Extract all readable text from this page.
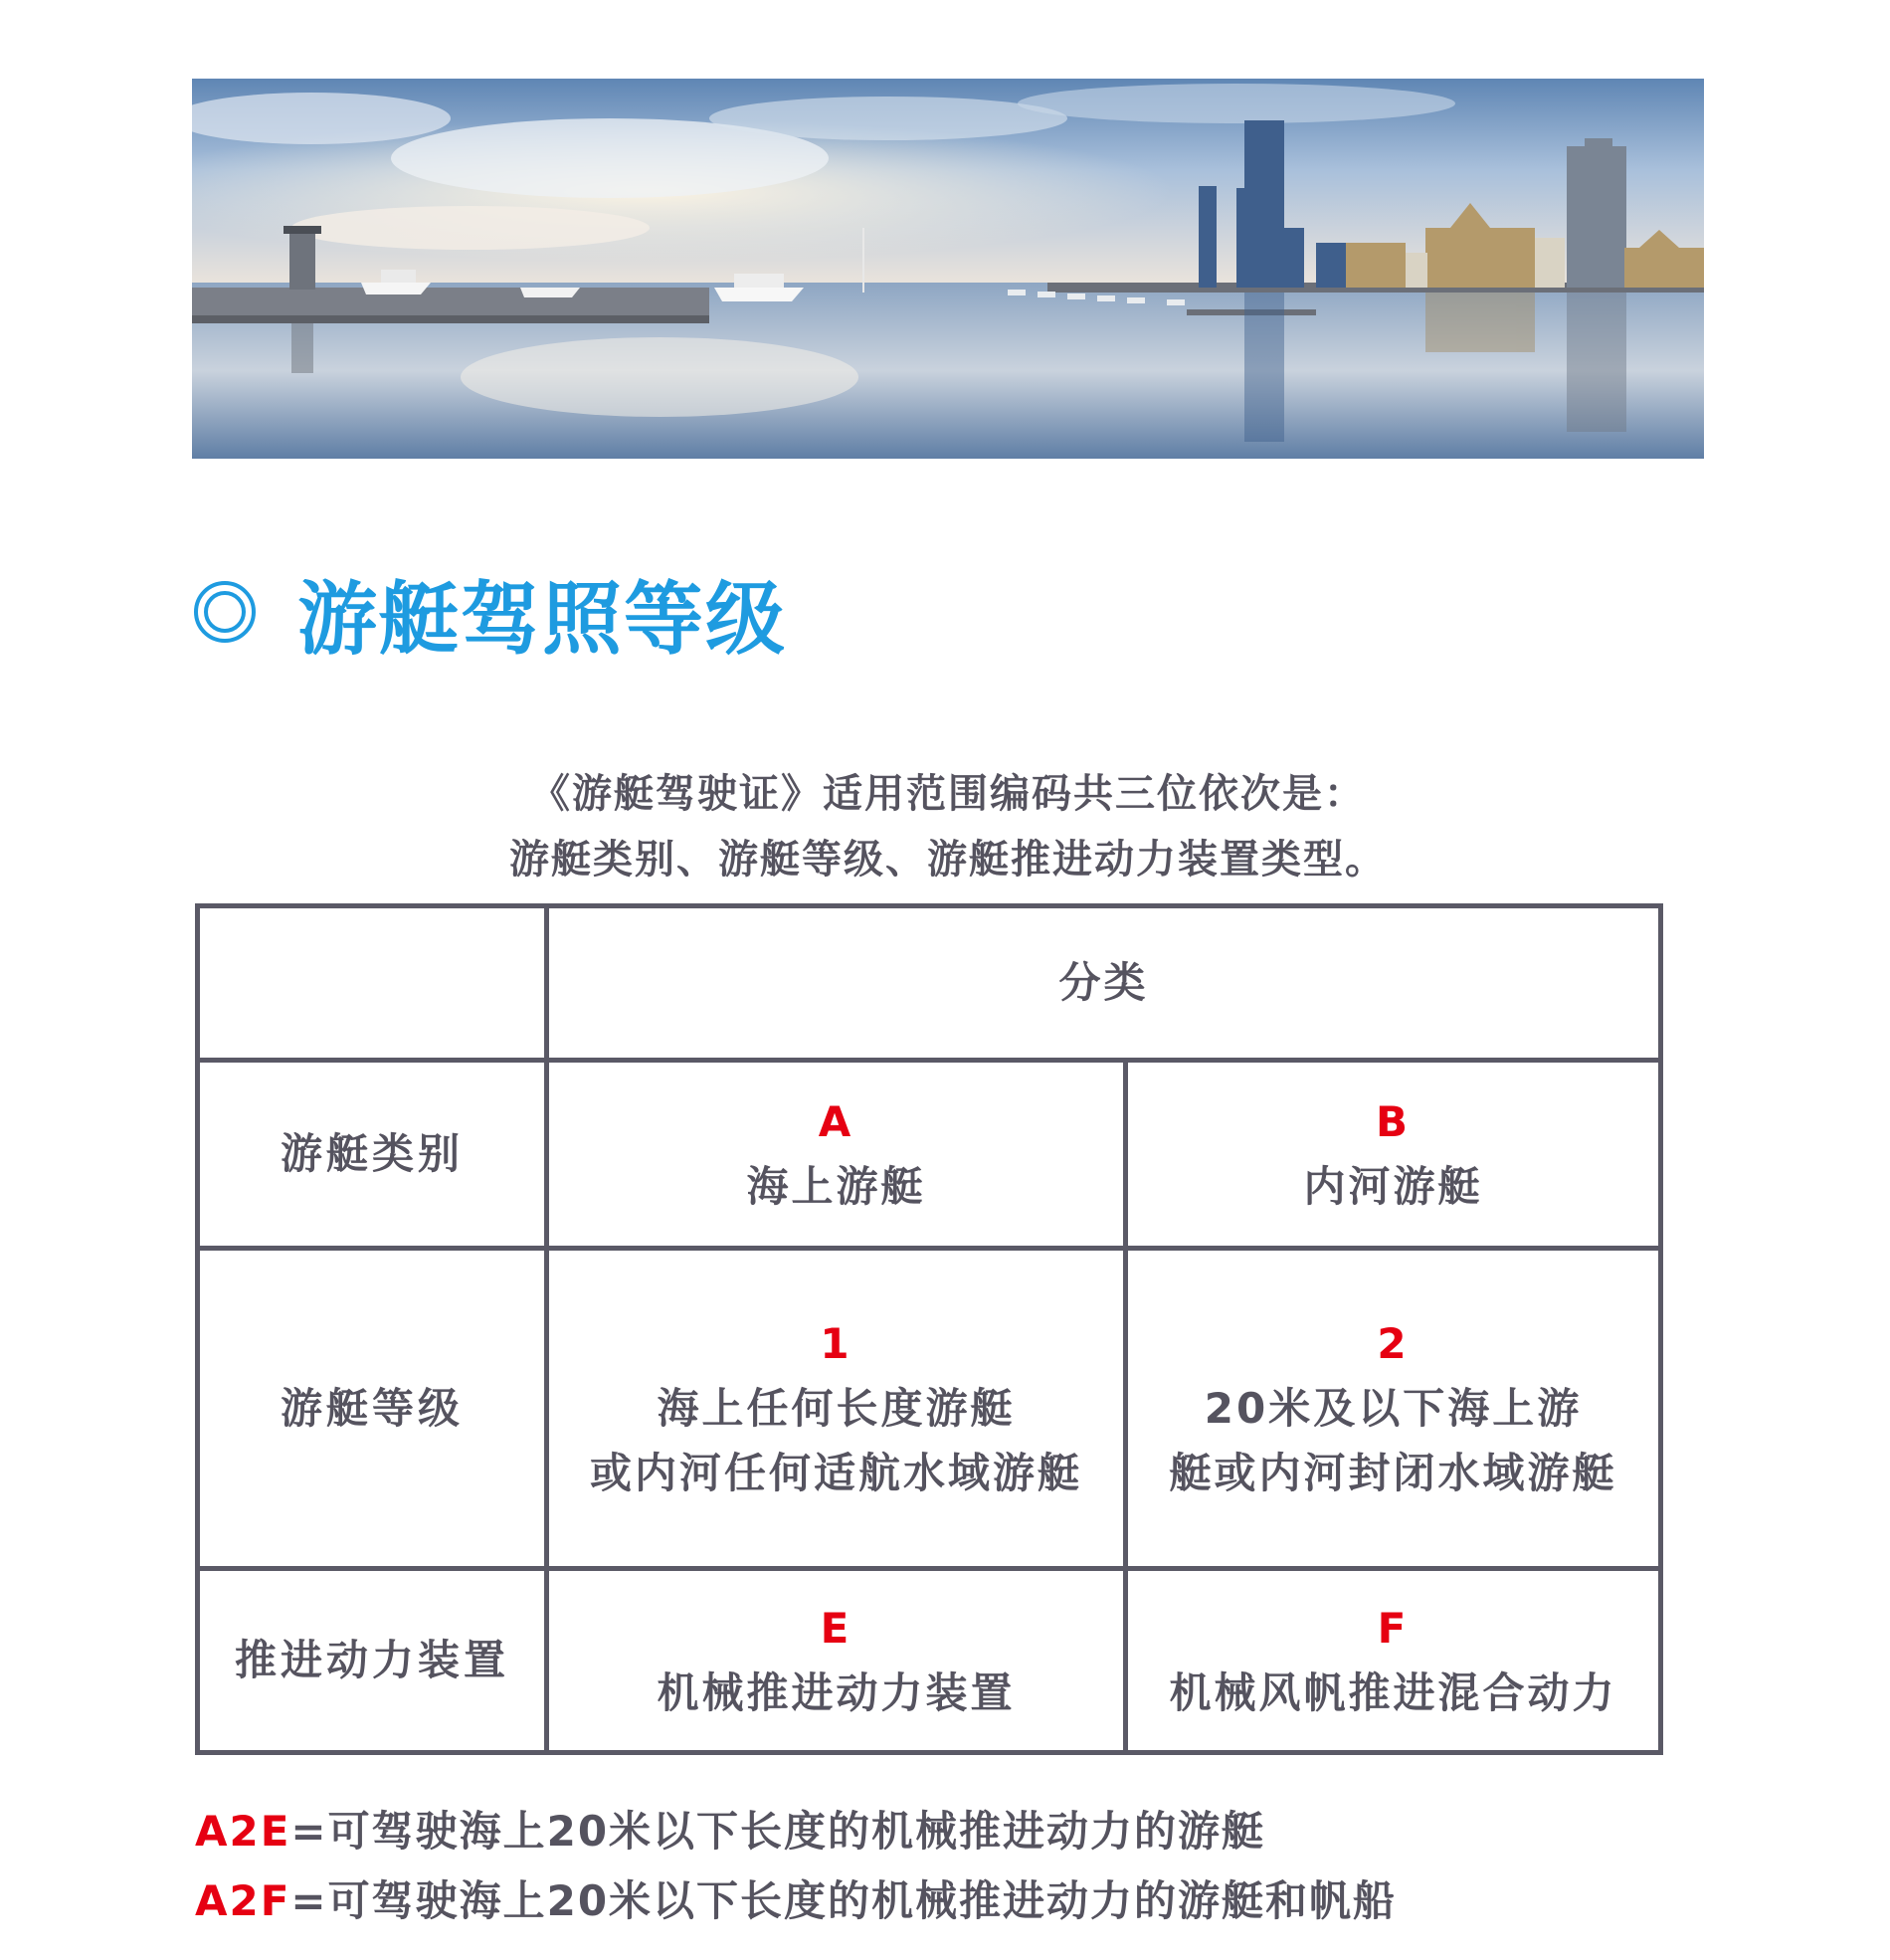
游艇驾照等级

《游艇驾驶证》适用范围编码共三位依次是：

游艇类别、游艇等级、游艇推进动力装置类型。

分类
游艇类别
A
海上游艇
B
内河游艇
游艇等级
1
海上任何长度游艇
或内河任何适航水域游艇
2
20米及以下海上游
艇或内河封闭水域游艇
推进动力装置
E
机械推进动力装置
F
机械风帆推进混合动力

A2E=可驾驶海上20米以下长度的机械推进动力的游艇

A2F=可驾驶海上20米以下长度的机械推进动力的游艇和帆船
